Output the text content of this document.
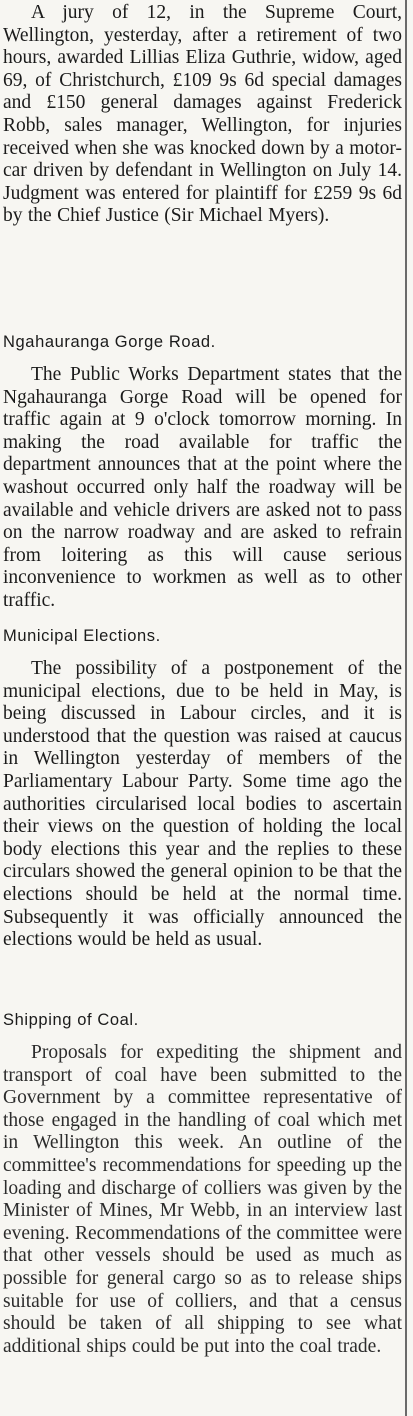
A jury of 12, in the Supreme Court, Wellington, yesterday, after a retirement of two hours, awarded Lillias Eliza Guthrie, widow, aged 69, of Christchurch, £109 9s 6d special damages and £150 general damages against Frederick Robb, sales manager, Wellington, for injuries received when she was knocked down by a motor-car driven by defendant in Wellington on July 14. Judgment was entered for plaintiff for £259 9s 6d by the Chief Justice (Sir Michael Myers).

Ngahauranga Gorge Road.

The Public Works Department states that the Ngahauranga Gorge Road will be opened for traffic again at 9 o'clock tomorrow morning. In making the road available for traffic the department announces that at the point where the washout occurred only half the roadway will be available and vehicle drivers are asked not to pass on the narrow roadway and are asked to refrain from loitering as this will cause serious inconvenience to workmen as well as to other traffic.

Municipal Elections.

The possibility of a postponement of the municipal elections, due to be held in May, is being discussed in Labour circles, and it is understood that the question was raised at caucus in Wellington yesterday of members of the Parliamentary Labour Party. Some time ago the authorities circularised local bodies to ascertain their views on the question of holding the local body elections this year and the replies to these circulars showed the general opinion to be that the elections should be held at the normal time. Subsequently it was officially announced the elections would be held as usual.

Shipping of Coal.

Proposals for expediting the shipment and transport of coal have been submitted to the Government by a committee representative of those engaged in the handling of coal which met in Wellington this week. An outline of the committee's recommendations for speeding up the loading and discharge of colliers was given by the Minister of Mines, Mr Webb, in an interview last evening. Recommendations of the committee were that other vessels should be used as much as possible for general cargo so as to release ships suitable for use of colliers, and that a census should be taken of all shipping to see what additional ships could be put into the coal trade.
